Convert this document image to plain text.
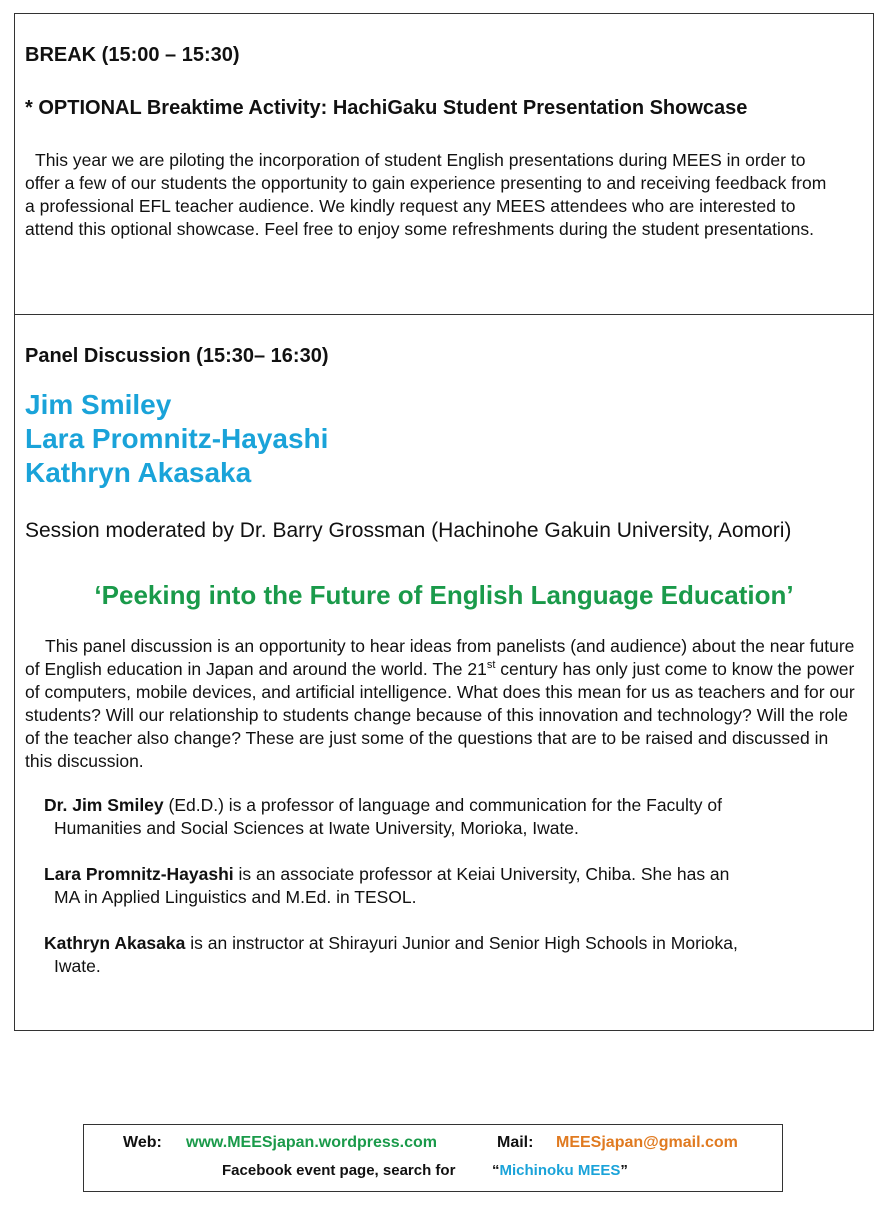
BREAK (15:00 – 15:30)

* OPTIONAL Breaktime Activity: HachiGaku Student Presentation Showcase

This year we are piloting the incorporation of student English presentations during MEES in order to offer a few of our students the opportunity to gain experience presenting to and receiving feedback from a professional EFL teacher audience. We kindly request any MEES attendees who are interested to attend this optional showcase. Feel free to enjoy some refreshments during the student presentations.

Panel Discussion (15:30– 16:30)

Jim Smiley
Lara Promnitz-Hayashi
Kathryn Akasaka

Session moderated by Dr. Barry Grossman (Hachinohe Gakuin University, Aomori)

‘Peeking into the Future of English Language Education’

This panel discussion is an opportunity to hear ideas from panelists (and audience) about the near future of English education in Japan and around the world. The 21st century has only just come to know the power of computers, mobile devices, and artificial intelligence. What does this mean for us as teachers and for our students? Will our relationship to students change because of this innovation and technology? Will the role of the teacher also change? These are just some of the questions that are to be raised and discussed in this discussion.

Dr. Jim Smiley (Ed.D.) is a professor of language and communication for the Faculty of
Humanities and Social Sciences at Iwate University, Morioka, Iwate.
Lara Promnitz-Hayashi is an associate professor at Keiai University, Chiba. She has an
MA in Applied Linguistics and M.Ed. in TESOL.
Kathryn Akasaka is an instructor at Shirayuri Junior and Senior High Schools in Morioka,
Iwate.
Web: www.MEESjapan.wordpress.com	Mail: MEESjapan@gmail.com
Facebook event page, search for “Michinoku MEES”
